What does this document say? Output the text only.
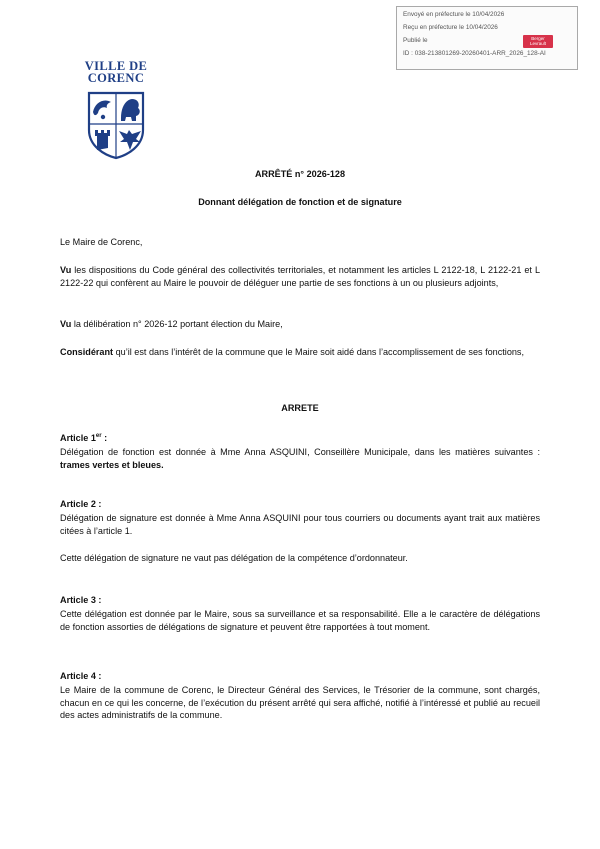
Envoyé en préfecture le 10/04/2026
Reçu en préfecture le 10/04/2026
Publié le
ID : 038-213801269-20260401-ARR_2026_128-AI
Berger Levrault
VILLE DE
CORENC
ARRÊTÉ n° 2026-128
Donnant délégation de fonction et de signature
Le Maire de Corenc,

Vu les dispositions du Code général des collectivités territoriales, et notamment les articles L 2122-18, L 2122-21 et L 2122-22 qui confèrent au Maire le pouvoir de déléguer une partie de ses fonctions à un ou plusieurs adjoints,

Vu la délibération n° 2026-12 portant élection du Maire,

Considérant qu’il est dans l’intérêt de la commune que le Maire soit aidé dans l’accomplissement de ses fonctions,

ARRETE
Article 1er :

Délégation de fonction est donnée à Mme Anna ASQUINI, Conseillère Municipale, dans les matières suivantes : trames vertes et bleues.

Article 2 :

Délégation de signature est donnée à Mme Anna ASQUINI pour tous courriers ou documents ayant trait aux matières citées à l’article 1.

Cette délégation de signature ne vaut pas délégation de la compétence d’ordonnateur.

Article 3 :

Cette délégation est donnée par le Maire, sous sa surveillance et sa responsabilité. Elle a le caractère de délégations de fonction assorties de délégations de signature et peuvent être rapportées à tout moment.

Article 4 :

Le Maire de la commune de Corenc, le Directeur Général des Services, le Trésorier de la commune, sont chargés, chacun en ce qui les concerne, de l’exécution du présent arrêté qui sera affiché, notifié à l’intéressé et publié au recueil des actes administratifs de la commune.
